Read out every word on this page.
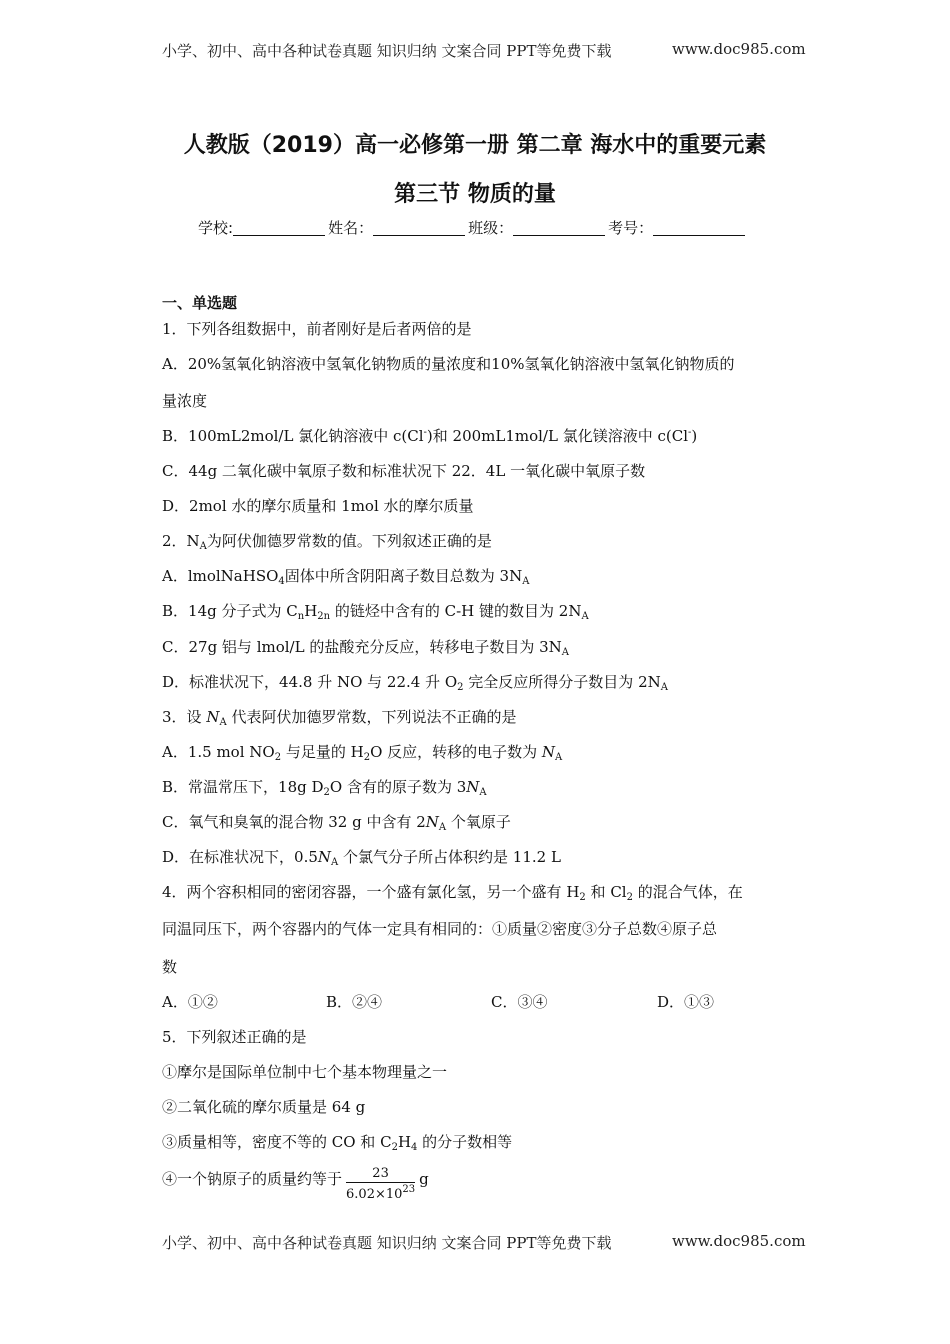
小学、初中、高中各种试卷真题 知识归纳 文案合同 PPT等免费下载	www.doc985.com
人教版（2019）高一必修第一册 第二章 海水中的重要元素
第三节 物质的量
学校:	姓名：	班级：	考号：
一、单选题
1．下列各组数据中，前者刚好是后者两倍的是
A．20%氢氧化钠溶液中氢氧化钠物质的量浓度和10%氢氧化钠溶液中氢氧化钠物质的
量浓度
B．100mL2mol/L 氯化钠溶液中 c(Cl-)和 200mL1mol/L 氯化镁溶液中 c(Cl-)
C．44g 二氧化碳中氧原子数和标准状况下 22．4L 一氧化碳中氧原子数
D．2mol 水的摩尔质量和 1mol 水的摩尔质量
2．$N_A$为阿伏伽德罗常数的值。下列叙述正确的是
A．lmolNaHSO$_4$固体中所含阴阳离子数目总数为 $3N_A$
B．14g 分子式为 $C_nH_{2n}$ 的链烃中含有的 C-H 键的数目为 $2N_A$
C．27g 铝与 lmol/L 的盐酸充分反应，转移电子数目为 $3N_A$
D．标准状况下，44.8 升 NO 与 22.4 升 $O_2$ 完全反应所得分子数目为 $2N_A$
3．设 $N_A$ 代表阿伏加德罗常数，下列说法不正确的是
A．1.5 mol $NO_2$ 与足量的 $H_2O$ 反应，转移的电子数为 $N_A$
B．常温常压下，18g $D_2O$ 含有的原子数为 $3N_A$
C．氧气和臭氧的混合物 32 g 中含有 $2N_A$ 个氧原子
D．在标准状况下，$0.5N_A$ 个氯气分子所占体积约是 11.2 L
4．两个容积相同的密闭容器，一个盛有氯化氢，另一个盛有 $H_2$ 和 $Cl_2$ 的混合气体，在
同温同压下，两个容器内的气体一定具有相同的：①质量②密度③分子总数④原子总
数
A．①②	B．②④	C．③④	D．①③
5．下列叙述正确的是
①摩尔是国际单位制中七个基本物理量之一
②二氧化硫的摩尔质量是 64 g
③质量相等，密度不等的 CO 和 $C_2H_4$ 的分子数相等
④一个钠原子的质量约等于 $\frac{23}{6.02\times 10^{23}}$ g
小学、初中、高中各种试卷真题 知识归纳 文案合同 PPT等免费下载	www.doc985.com
